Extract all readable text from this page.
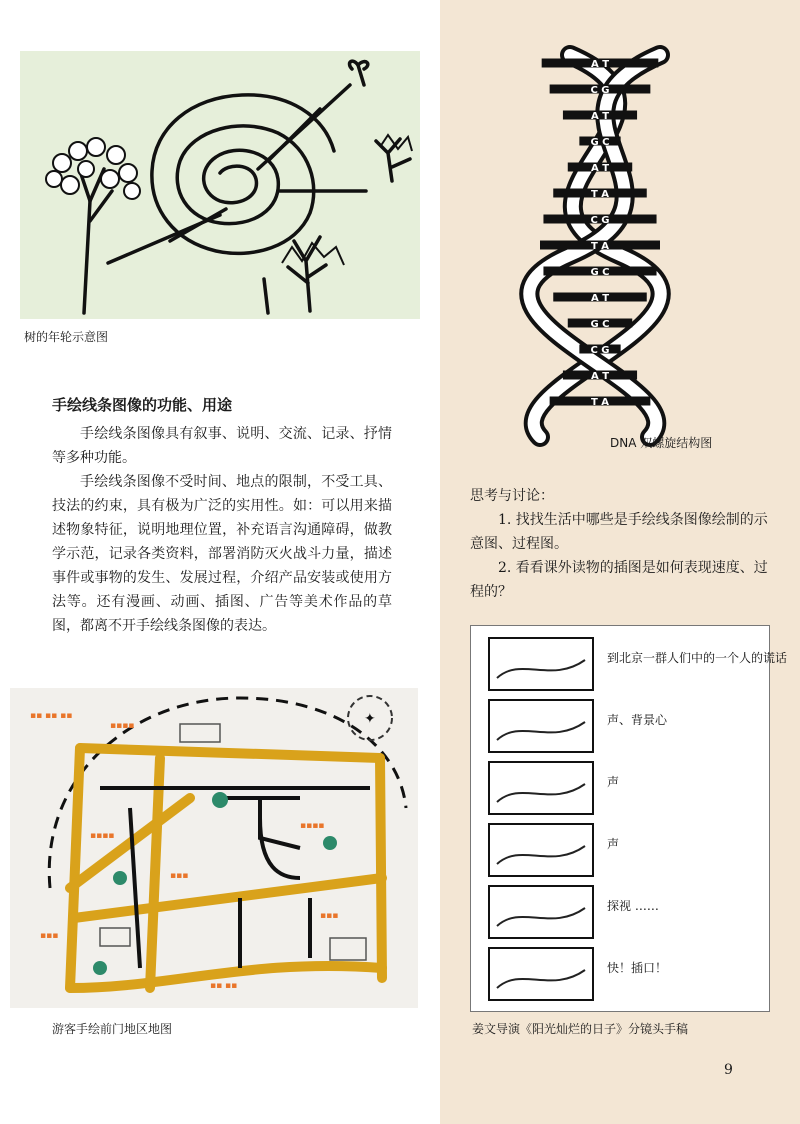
树的年轮示意图
A T
C G
A T
G C
A T
T A
C G
T A
G C
A T
G C
C G
A T
T A
DNA 双螺旋结构图
手绘线条图像的功能、用途

手绘线条图像具有叙事、说明、交流、记录、抒情等多种功能。

手绘线条图像不受时间、地点的限制，不受工具、技法的约束，具有极为广泛的实用性。如：可以用来描述物象特征，说明地理位置，补充语言沟通障碍，做教学示范，记录各类资料，部署消防灭火战斗力量，描述事件或事物的发生、发展过程，介绍产品安装或使用方法等。还有漫画、动画、插图、广告等美术作品的草图，都离不开手绘线条图像的表达。

思考与讨论：
1. 找找生活中哪些是手绘线条图像绘制的示意图、过程图。
2. 看看课外读物的插图是如何表现速度、过程的？
✦
▪▪ ▪▪ ▪▪
▪▪▪▪
▪▪▪
▪▪▪▪
▪▪▪
▪▪▪
▪▪ ▪▪
▪▪▪▪
游客手绘前门地区地图
到北京一群人们中的一个人的谎话
声、背景心
声
声
探视 ……
快！插口！
姜文导演《阳光灿烂的日子》分镜头手稿
9
